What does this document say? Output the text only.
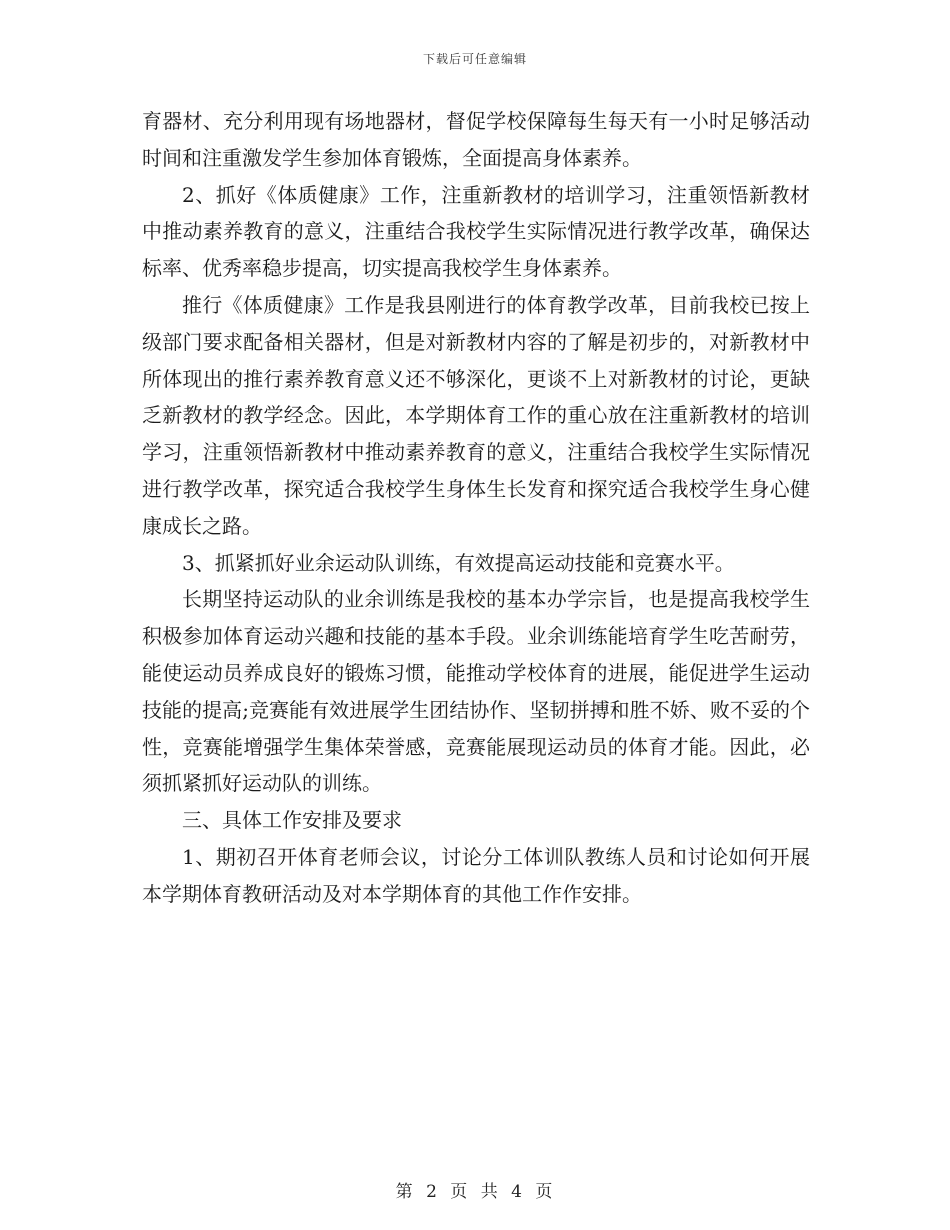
下载后可任意编辑

育器材、充分利用现有场地器材，督促学校保障每生每天有一小时足够活动时间和注重激发学生参加体育锻炼，全面提高身体素养。

2、抓好《体质健康》工作，注重新教材的培训学习，注重领悟新教材中推动素养教育的意义，注重结合我校学生实际情况进行教学改革，确保达标率、优秀率稳步提高，切实提高我校学生身体素养。

推行《体质健康》工作是我县刚进行的体育教学改革，目前我校已按上级部门要求配备相关器材，但是对新教材内容的了解是初步的，对新教材中所体现出的推行素养教育意义还不够深化，更谈不上对新教材的讨论，更缺乏新教材的教学经念。因此，本学期体育工作的重心放在注重新教材的培训学习，注重领悟新教材中推动素养教育的意义，注重结合我校学生实际情况进行教学改革，探究适合我校学生身体生长发育和探究适合我校学生身心健康成长之路。

3、抓紧抓好业余运动队训练，有效提高运动技能和竞赛水平。

长期坚持运动队的业余训练是我校的基本办学宗旨，也是提高我校学生积极参加体育运动兴趣和技能的基本手段。业余训练能培育学生吃苦耐劳，能使运动员养成良好的锻炼习惯，能推动学校体育的进展，能促进学生运动技能的提高;竞赛能有效进展学生团结协作、坚韧拼搏和胜不娇、败不妥的个性，竞赛能增强学生集体荣誉感，竞赛能展现运动员的体育才能。因此，必须抓紧抓好运动队的训练。

三、具体工作安排及要求

1、期初召开体育老师会议，讨论分工体训队教练人员和讨论如何开展本学期体育教研活动及对本学期体育的其他工作作安排。

第 2 页 共 4 页
